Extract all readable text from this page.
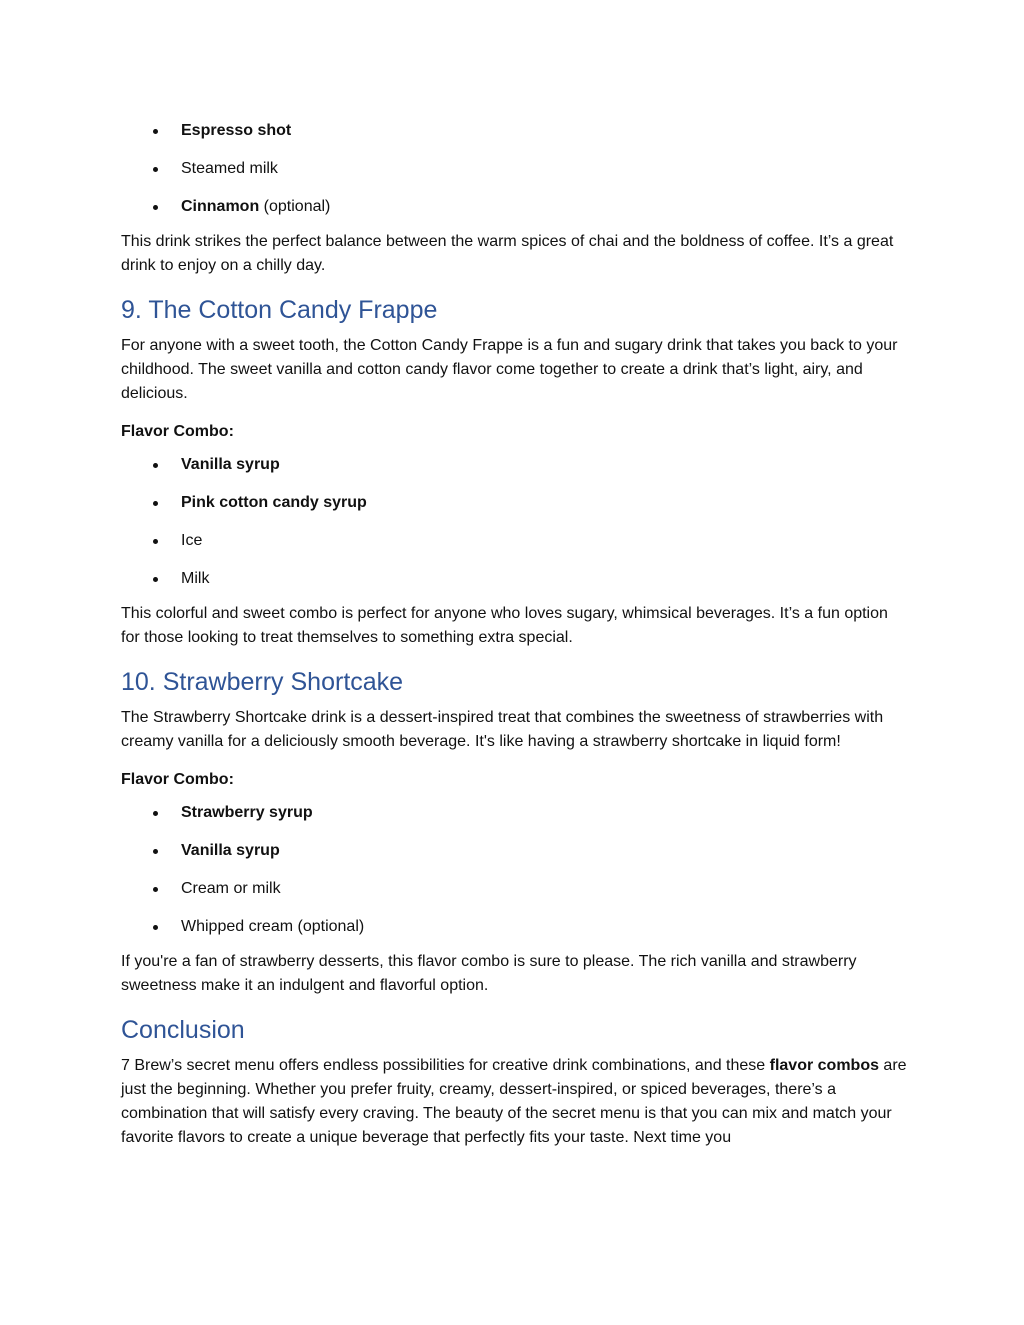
Espresso shot
Steamed milk
Cinnamon (optional)

This drink strikes the perfect balance between the warm spices of chai and the boldness of coffee. It’s a great drink to enjoy on a chilly day.

9. The Cotton Candy Frappe

For anyone with a sweet tooth, the Cotton Candy Frappe is a fun and sugary drink that takes you back to your childhood. The sweet vanilla and cotton candy flavor come together to create a drink that’s light, airy, and delicious.

Flavor Combo:

Vanilla syrup
Pink cotton candy syrup
Ice
Milk

This colorful and sweet combo is perfect for anyone who loves sugary, whimsical beverages. It’s a fun option for those looking to treat themselves to something extra special.

10. Strawberry Shortcake

The Strawberry Shortcake drink is a dessert-inspired treat that combines the sweetness of strawberries with creamy vanilla for a deliciously smooth beverage. It's like having a strawberry shortcake in liquid form!

Flavor Combo:

Strawberry syrup
Vanilla syrup
Cream or milk
Whipped cream (optional)

If you're a fan of strawberry desserts, this flavor combo is sure to please. The rich vanilla and strawberry sweetness make it an indulgent and flavorful option.

Conclusion

7 Brew’s secret menu offers endless possibilities for creative drink combinations, and these flavor combos are just the beginning. Whether you prefer fruity, creamy, dessert-inspired, or spiced beverages, there’s a combination that will satisfy every craving. The beauty of the secret menu is that you can mix and match your favorite flavors to create a unique beverage that perfectly fits your taste. Next time you
